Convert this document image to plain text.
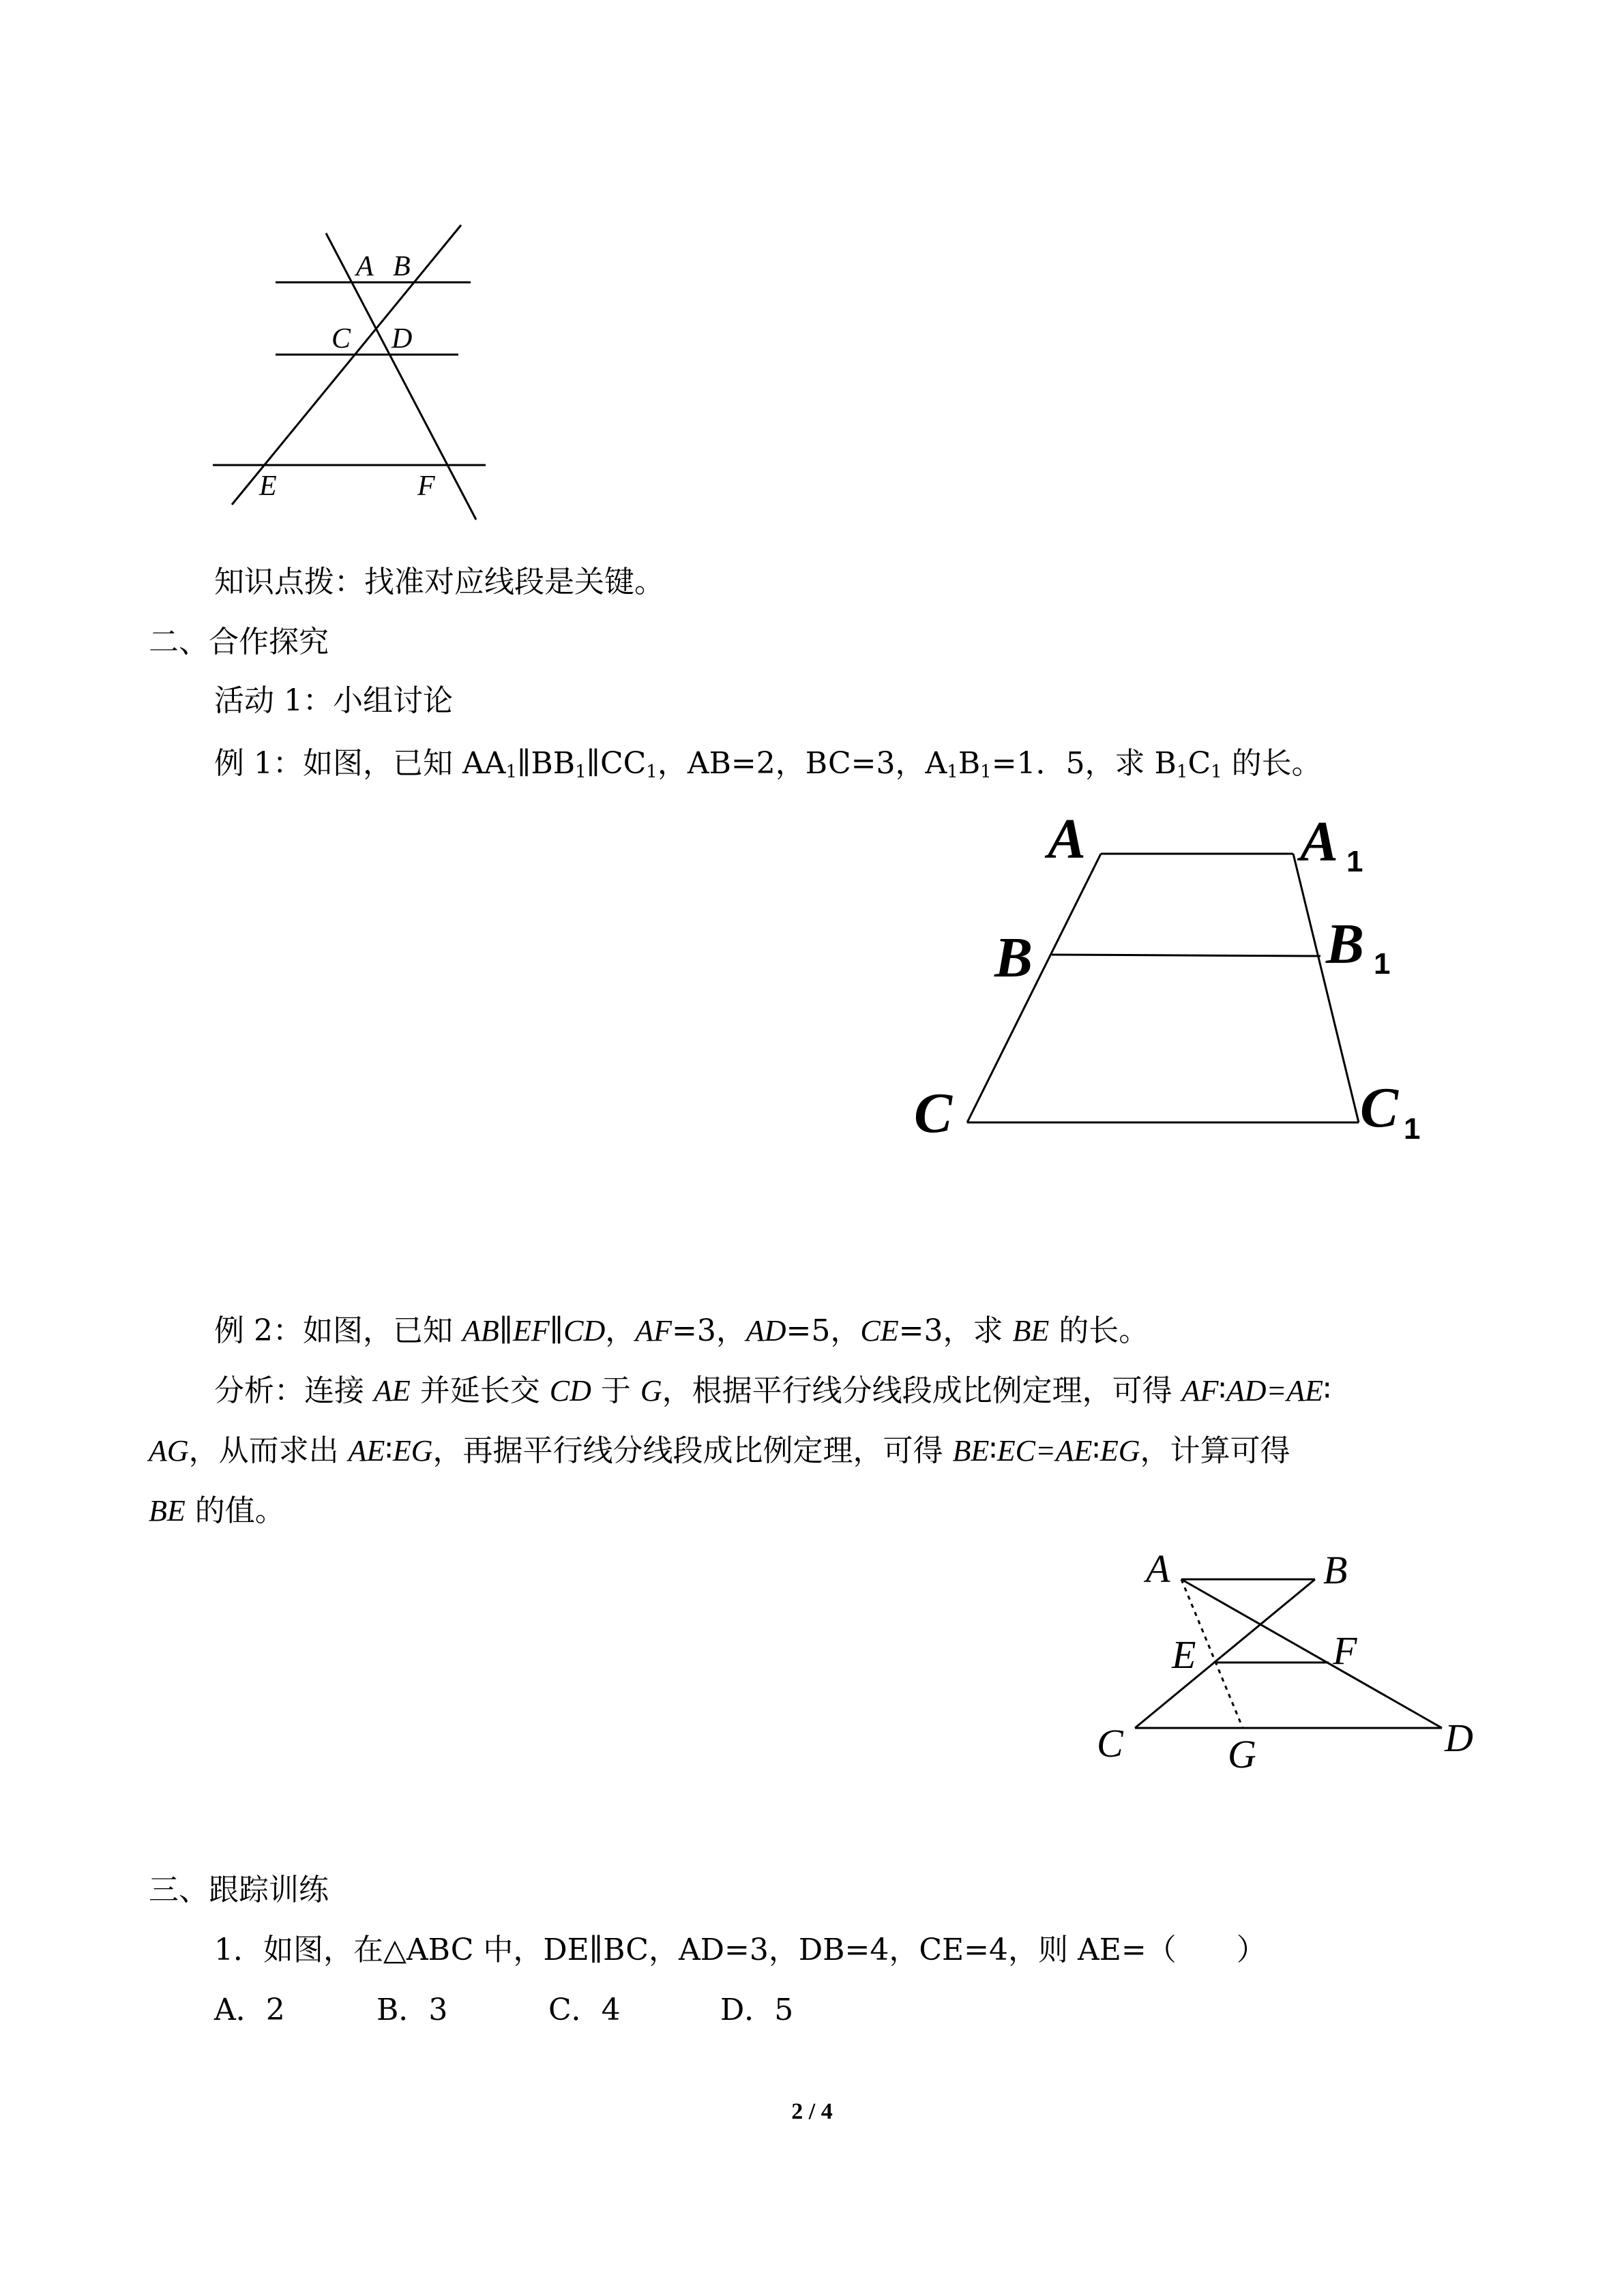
A B
C D
E	F
A	A 1
B	B 1
C	C 1
A	B
E	F
C	D
G
知识点拨：找准对应线段是关键。
二、合作探究
活动 1：小组讨论
例 1：如图，已知 $AA_1\parallel BB_1\parallel CC_1$，AB=2，BC=3，$A_1B_1=1$．5，求 $B_1C_1$ 的长。
例 2：如图，已知 AB∥EF∥CD，AF=3，AD=5，CE=3，求 BE 的长。
分析：连接 AE 并延长交 CD 于 G，根据平行线分线段成比例定理，可得 AF∶AD=AE∶
AG，从而求出 AE∶EG，再据平行线分线段成比例定理，可得 BE∶EC=AE∶EG，计算可得
BE 的值。
三、跟踪训练
1．如图，在△ABC 中，DE∥BC，AD=3，DB=4，CE=4，则 AE=（　　）
A．2	B．3	C．4	D．5
2 / 4
